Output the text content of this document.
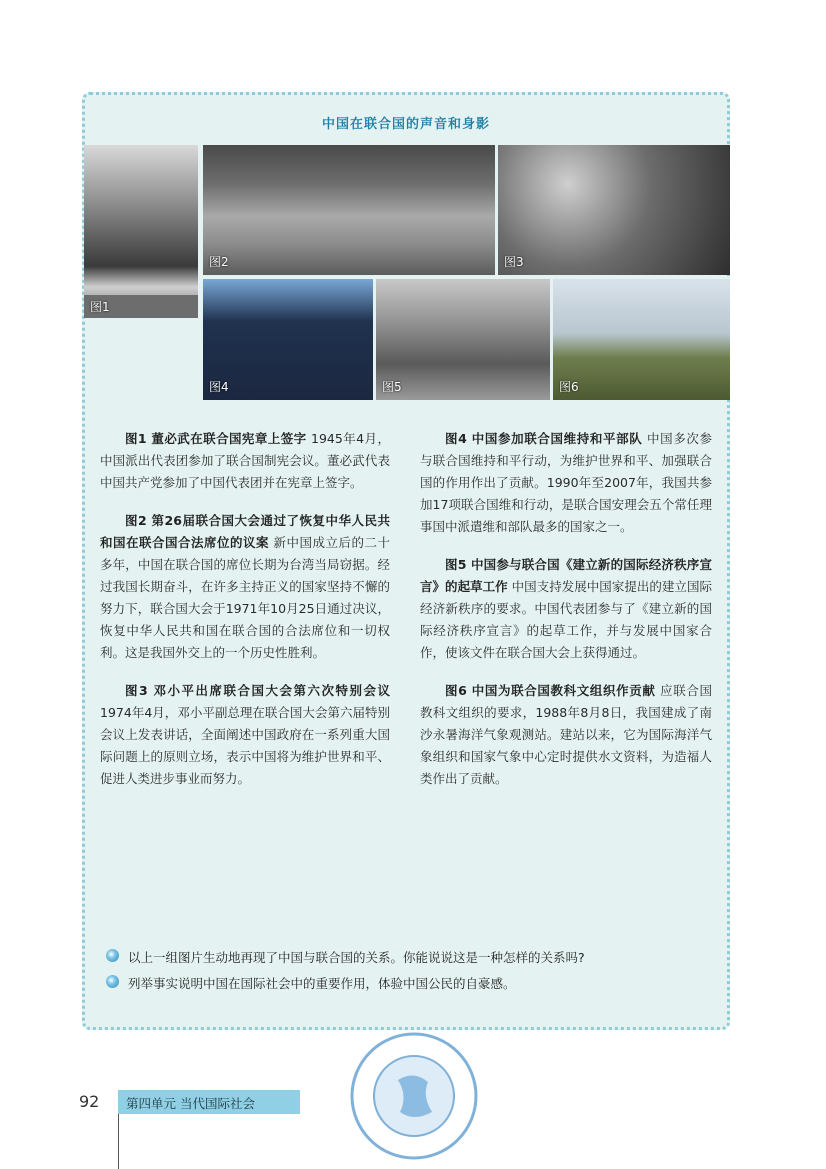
中国在联合国的声音和身影
图1
图2	图3
图4	图5	图6

图1 董必武在联合国宪章上签字 1945年4月，中国派出代表团参加了联合国制宪会议。董必武代表中国共产党参加了中国代表团并在宪章上签字。

图2 第26届联合国大会通过了恢复中华人民共和国在联合国合法席位的议案 新中国成立后的二十多年，中国在联合国的席位长期为台湾当局窃据。经过我国长期奋斗，在许多主持正义的国家坚持不懈的努力下，联合国大会于1971年10月25日通过决议，恢复中华人民共和国在联合国的合法席位和一切权利。这是我国外交上的一个历史性胜利。

图3 邓小平出席联合国大会第六次特别会议 1974年4月，邓小平副总理在联合国大会第六届特别会议上发表讲话，全面阐述中国政府在一系列重大国际问题上的原则立场，表示中国将为维护世界和平、促进人类进步事业而努力。

图4 中国参加联合国维持和平部队 中国多次参与联合国维持和平行动，为维护世界和平、加强联合国的作用作出了贡献。1990年至2007年，我国共参加17项联合国维和行动，是联合国安理会五个常任理事国中派遣维和部队最多的国家之一。

图5 中国参与联合国《建立新的国际经济秩序宣言》的起草工作 中国支持发展中国家提出的建立国际经济新秩序的要求。中国代表团参与了《建立新的国际经济秩序宣言》的起草工作，并与发展中国家合作，使该文件在联合国大会上获得通过。

图6 中国为联合国教科文组织作贡献 应联合国教科文组织的要求，1988年8月8日，我国建成了南沙永暑海洋气象观测站。建站以来，它为国际海洋气象组织和国家气象中心定时提供水文资料，为造福人类作出了贡献。

以上一组图片生动地再现了中国与联合国的关系。你能说说这是一种怎样的关系吗?
列举事实说明中国在国际社会中的重要作用，体验中国公民的自豪感。
92 第四单元 当代国际社会
